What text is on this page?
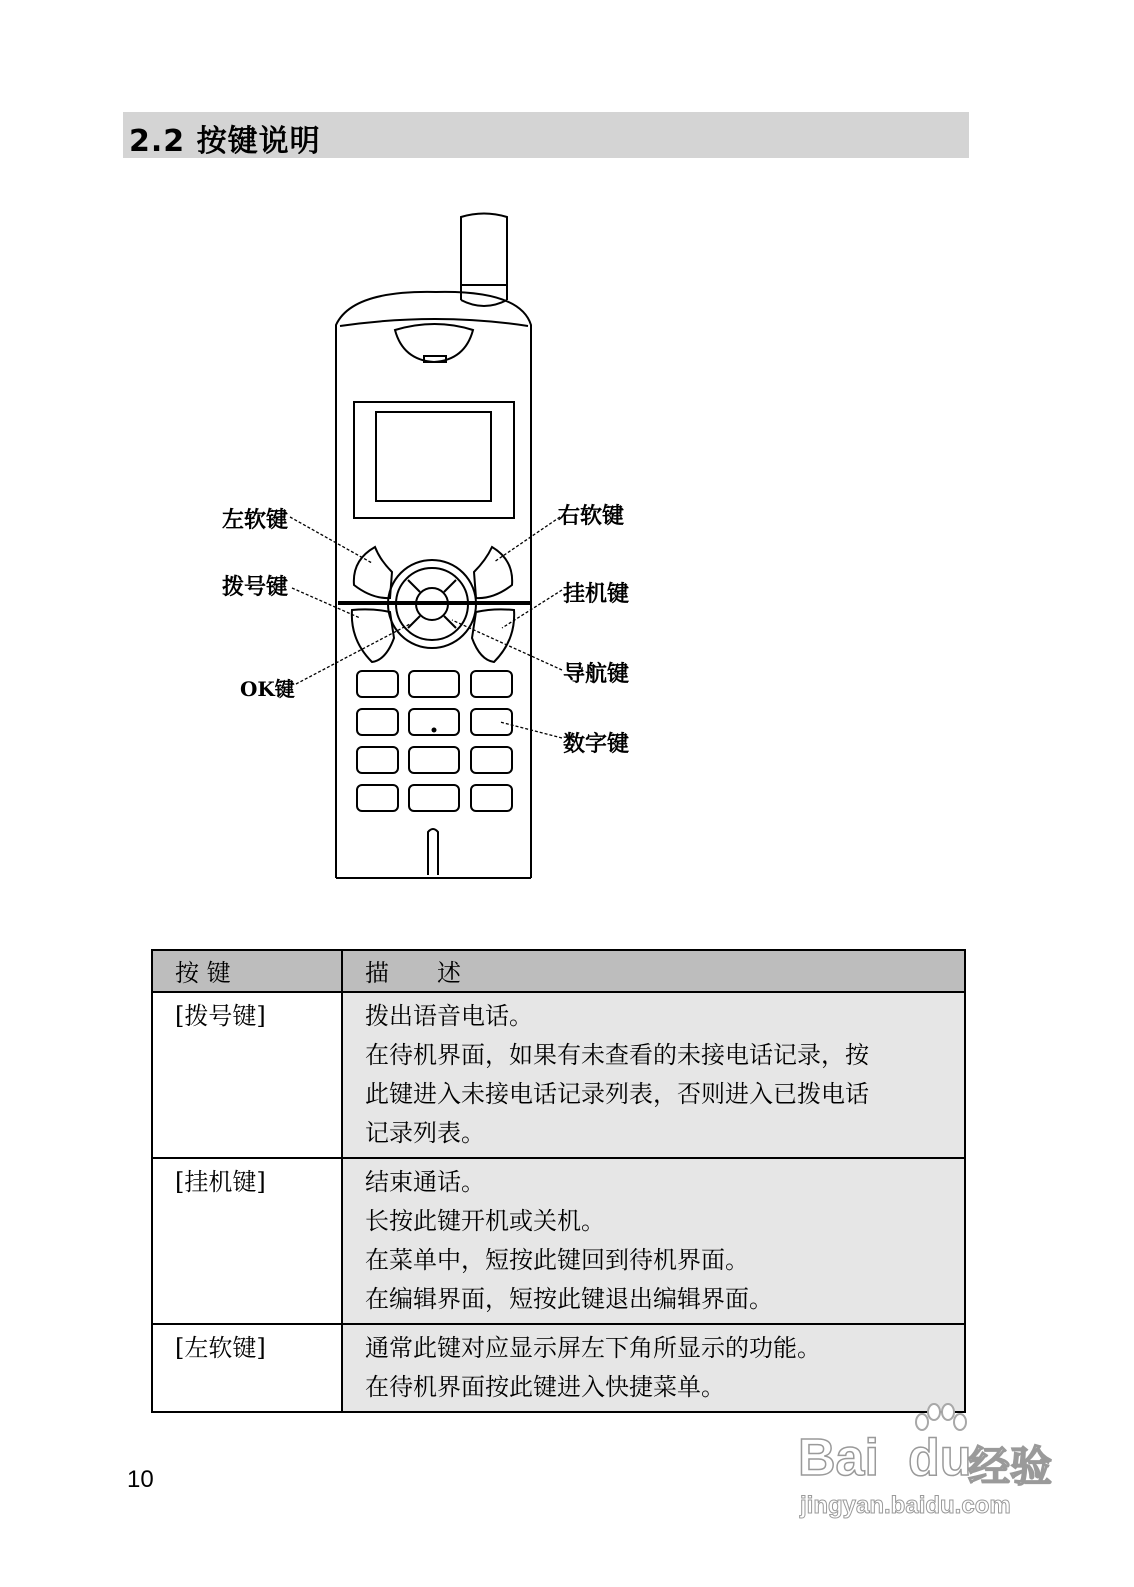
2.2 按键说明
左软键
拨号键
OK键
右软键
挂机键
导航键
数字键
按 键	描　　述
[拨号键]	拨出语音电话。
在待机界面，如果有未查看的未接电话记录，按
此键进入未接电话记录列表，否则进入已拨电话
记录列表。

[挂机键]	结束通话。
长按此键开机或关机。
在菜单中，短按此键回到待机界面。
在编辑界面，短按此键退出编辑界面。

[左软键]	通常此键对应显示屏左下角所显示的功能。
在待机界面按此键进入快捷菜单。
10	Bai du
经验
jingyan.baidu.com
